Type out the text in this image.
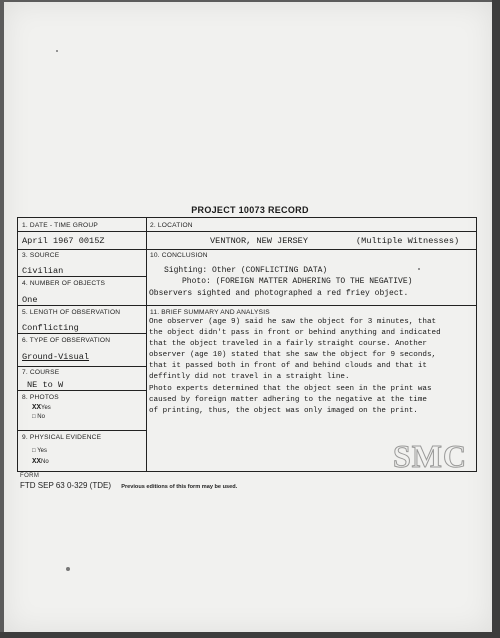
PROJECT 10073 RECORD
1. DATE - TIME GROUP
April 1967 0015Z
2. LOCATION
VENTNOR, NEW JERSEY	(Multiple Witnesses)
3. SOURCE
Civilian
10. CONCLUSION
Sighting: Other (CONFLICTING DATA)
Photo: (FOREIGN MATTER ADHERING TO THE NEGATIVE)
Observers sighted and photographed a red friey object.
4. NUMBER OF OBJECTS
One
5. LENGTH OF OBSERVATION
Conflicting
11. BRIEF SUMMARY AND ANALYSIS
One observer (age 9) said he saw the object for 3 minutes, that
the object didn't pass in front or behind anything and indicated
that the object traveled in a fairly straight course. Another
observer (age 10) stated that she saw the object for 9 seconds,
that it passed both in front of and behind clouds and that it
deffintly did not travel in a straight line.
Photo experts determined that the object seen in the print was
caused by foreign matter adhering to the negative at the time
of printing, thus, the object was only imaged on the print.
6. TYPE OF OBSERVATION
Ground-Visual
7. COURSE
NE to W
8. PHOTOS
XXYes
□ No
9. PHYSICAL EVIDENCE
□ Yes
XXNo	SMC
FORM
FTD SEP 63 0-329 (TDE) Previous editions of this form may be used.
